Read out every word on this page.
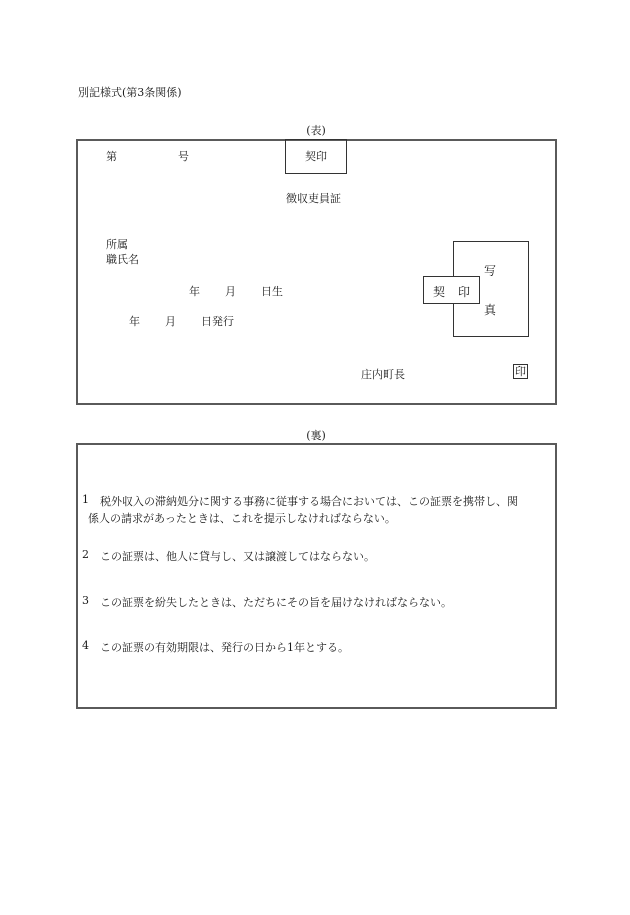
別記様式(第3条関係)
(表)
第	号	契印
徴収吏員証
所属
職氏名
年 月 日生
年 月 日発行
写
真
契 印
庄内町長	印
(裏)
1 税外収入の滞納処分に関する事務に従事する場合においては、この証票を携帯し、関
係人の請求があったときは、これを提示しなければならない。
2 この証票は、他人に貸与し、又は譲渡してはならない。
3 この証票を紛失したときは、ただちにその旨を届けなければならない。
4 この証票の有効期限は、発行の日から1年とする。
